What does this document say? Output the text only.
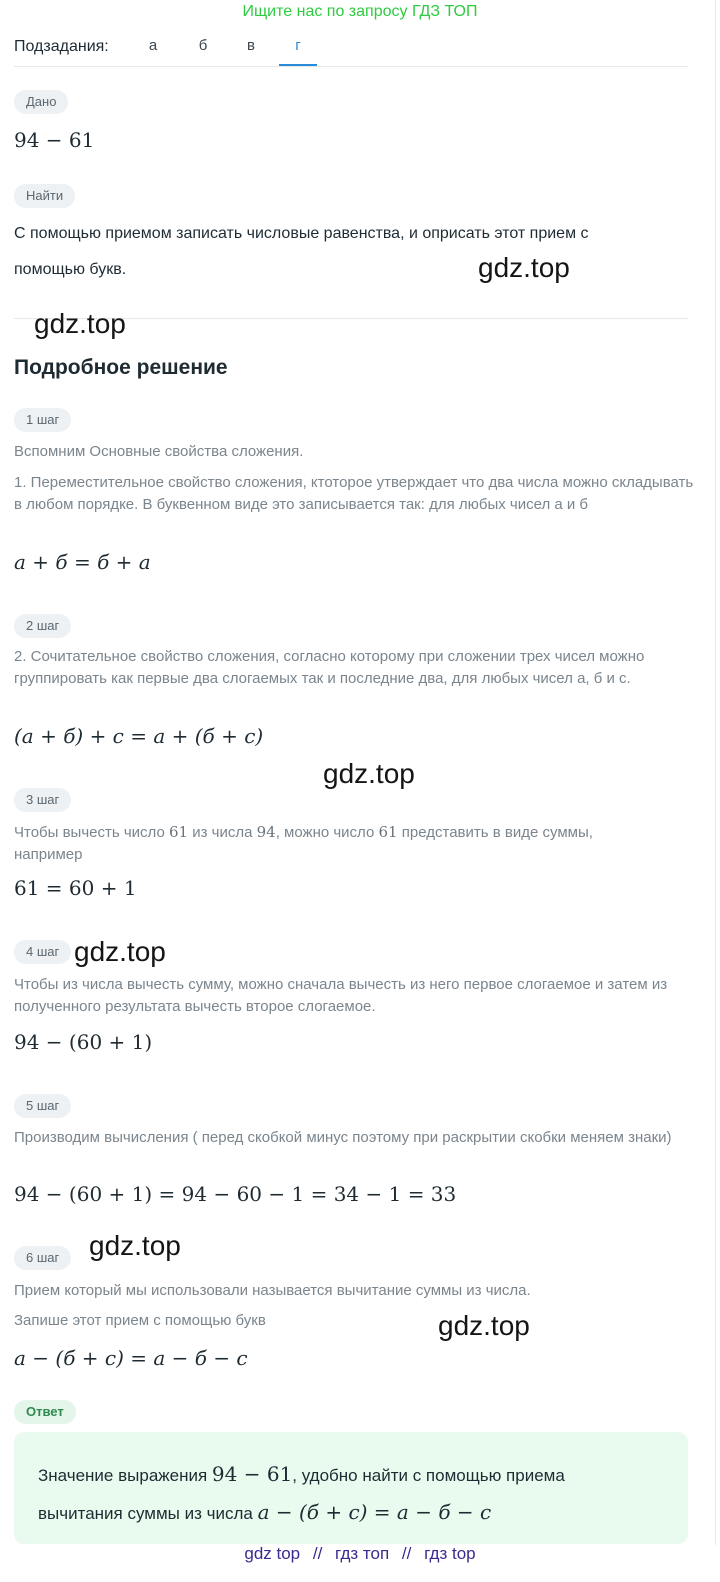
Ищите нас по запросу ГДЗ ТОП
Подзадания:	а	б	в	г
Дано
94 − 61
Найти
С помощью приемом записать числовые равенства, и оприсать этот прием с
помощью букв.
Подробное решение
1 шаг
Вспомним Основные свойства сложения.
1. Переместительное свойство сложения, ктоторое утверждает что два числа можно складывать в любом порядке. В буквенном виде это записывается так: для любых чисел а и б
а + б = б + а
2 шаг
2. Сочитательное свойство сложения, согласно которому при сложении трех чисел можно группировать как первые два слогаемых так и последние два, для любых чисел а, б и с.
(а + б) + с = а + (б + с)
3 шаг
Чтобы вычесть число 61 из числа 94, можно число 61 представить в виде суммы, например
61 = 60 + 1
4 шаг
Чтобы из числа вычесть сумму, можно сначала вычесть из него первое слогаемое и затем из полученного результата вычесть второе слогаемое.
94 − (60 + 1)
5 шаг
Производим вычисления ( перед скобкой минус поэтому при раскрытии скобки меняем знаки)
94 − (60 + 1) = 94 − 60 − 1 = 34 − 1 = 33
6 шаг
Прием который мы использовали называется вычитание суммы из числа.
Запише этот прием с помощью букв
а − (б + с) = а − б − с
Ответ
Значение выражения 94 − 61, удобно найти с помощью приема
вычитания суммы из числа а − (б + с) = а − б − с
gdz.top
gdz.top
gdz.top
gdz.top
gdz.top
gdz.top
gdz top // гдз топ // гдз top
